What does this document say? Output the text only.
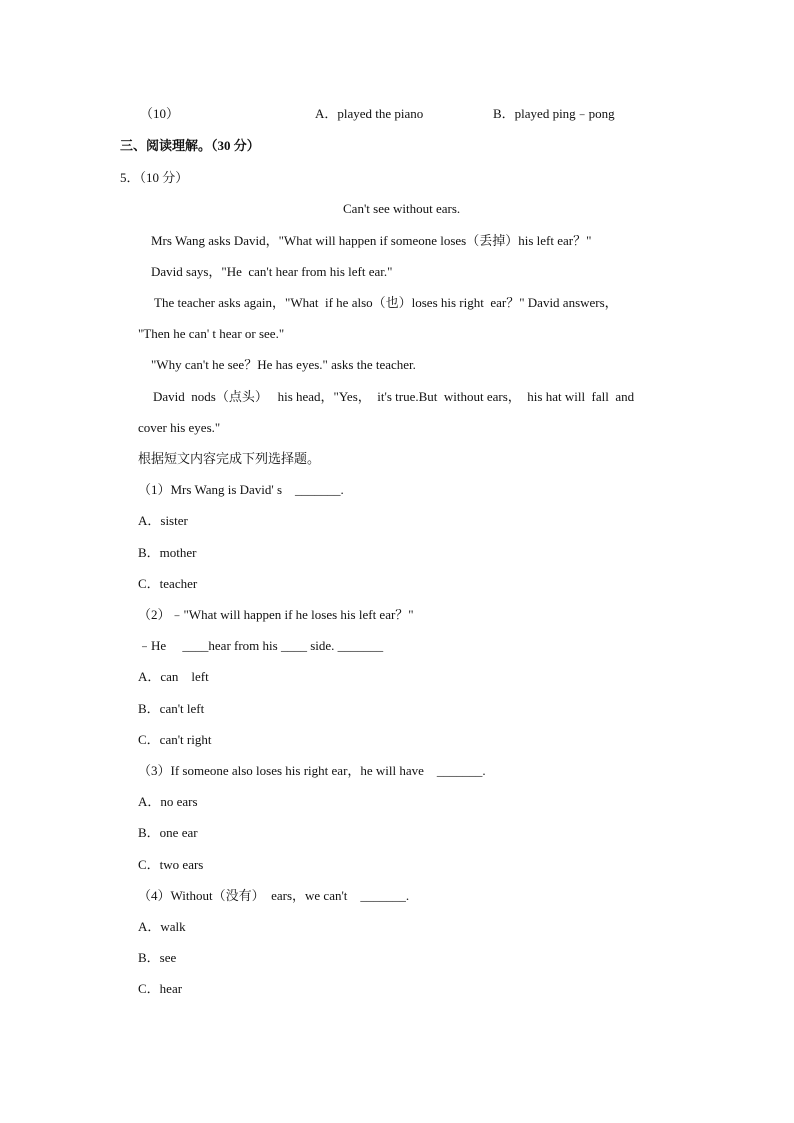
（10）	A．played the piano	B．played ping﹣pong
三、阅读理解。（30 分）
5．（10 分）
Can't see without ears.
Mrs Wang asks David，"What will happen if someone loses（丢掉）his left ear？"
David says，"He  can't hear from his left ear."
The teacher asks again，"What  if he also（也）loses his right  ear？" David answers，
"Then he can' t hear or see."
"Why can't he see？He has eyes." asks the teacher.
David  nods（点头）   his head，"Yes，  it's true.But  without ears，  his hat will  fall  and
cover his eyes."
根据短文内容完成下列选择题。
（1）Mrs Wang is David' s    _______.
A．sister
B．mother
C．teacher
（2）﹣"What will happen if he loses his left ear？"
﹣He     ____hear from his ____ side. _______
A．can    left
B．can't left
C．can't right
（3）If someone also loses his right ear，he will have    _______.
A．no ears
B．one ear
C．two ears
（4）Without（没有）  ears，we can't    _______.
A．walk
B．see
C．hear
